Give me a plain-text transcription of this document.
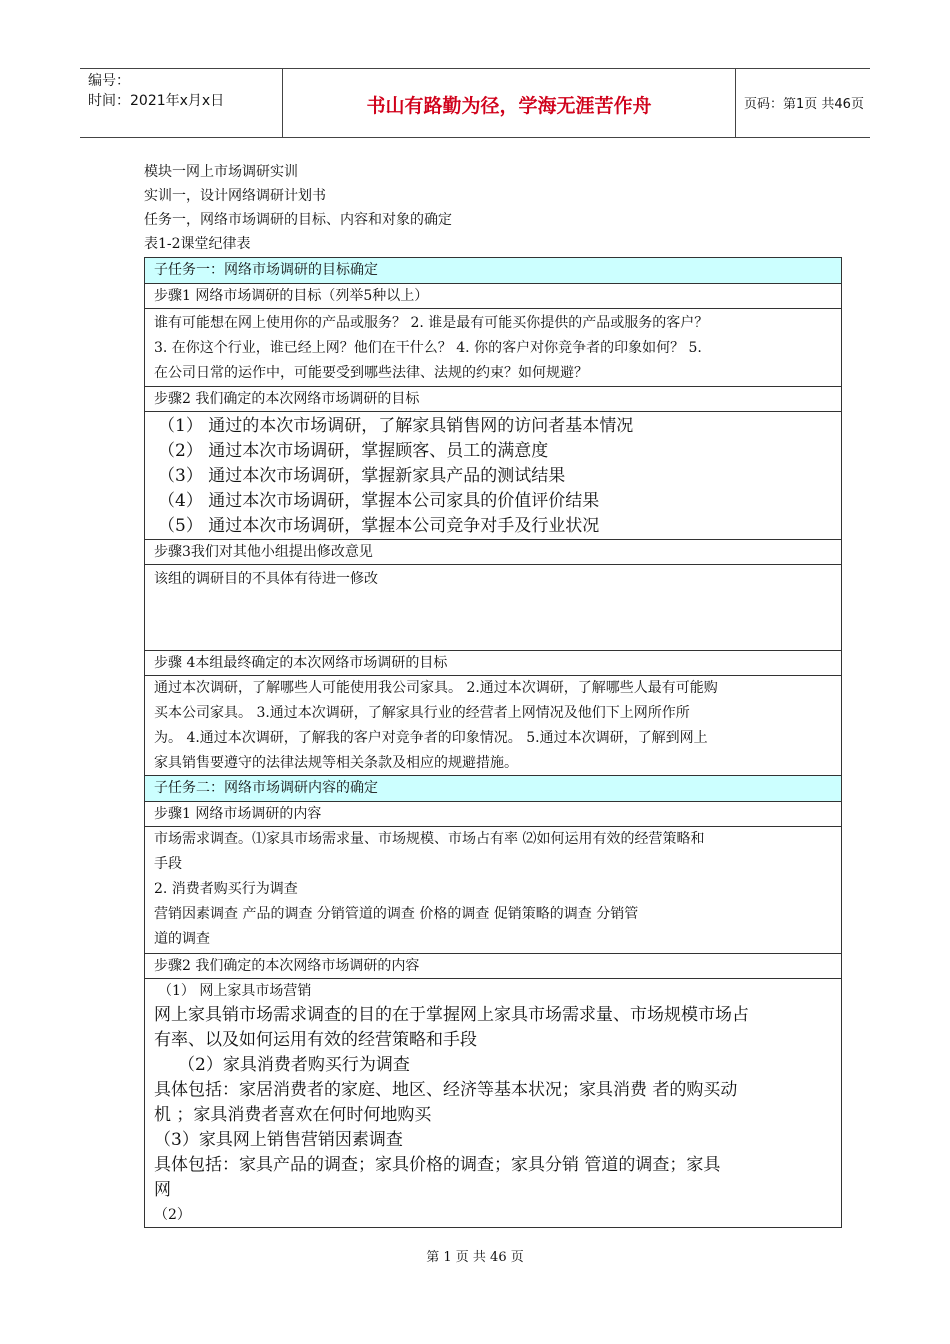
编号：
时间：2021年x月x日	书山有路勤为径，学海无涯苦作舟	页码：第1页 共46页
模块一网上市场调研实训
实训一，设计网络调研计划书
任务一，网络市场调研的目标、内容和对象的确定
表1-2课堂纪律表
子任务一：网络市场调研的目标确定
步骤1 网络市场调研的目标（列举5种以上）
谁有可能想在网上使用你的产品或服务？ 2. 谁是最有可能买你提供的产品或服务的客户？
3. 在你这个行业，谁已经上网？他们在干什么？ 4. 你的客户对你竞争者的印象如何？ 5.
在公司日常的运作中，可能要受到哪些法律、法规的约束？如何规避？
步骤2 我们确定的本次网络市场调研的目标
（1） 通过的本次市场调研，了解家具销售网的访问者基本情况
（2） 通过本次市场调研，掌握顾客、员工的满意度
（3） 通过本次市场调研，掌握新家具产品的测试结果
（4） 通过本次市场调研，掌握本公司家具的价值评价结果
（5） 通过本次市场调研，掌握本公司竞争对手及行业状况
步骤3我们对其他小组提出修改意见
该组的调研目的不具体有待进一修改
步骤 4本组最终确定的本次网络市场调研的目标
通过本次调研，了解哪些人可能使用我公司家具。 2.通过本次调研，了解哪些人最有可能购
买本公司家具。 3.通过本次调研，了解家具行业的经营者上网情况及他们下上网所作所
为。 4.通过本次调研，了解我的客户对竞争者的印象情况。 5.通过本次调研，了解到网上
家具销售要遵守的法律法规等相关条款及相应的规避措施。
子任务二：网络市场调研内容的确定
步骤1 网络市场调研的内容
市场需求调查。⑴家具市场需求量、市场规模、市场占有率 ⑵如何运用有效的经营策略和
手段
2. 消费者购买行为调查
营销因素调查 产品的调查 分销管道的调查 价格的调查 促销策略的调查 分销管
道的调查
步骤2 我们确定的本次网络市场调研的内容
（1） 网上家具市场营销
网上家具销市场需求调查的目的在于掌握网上家具市场需求量、市场规模市场占
有率、以及如何运用有效的经营策略和手段
（2）家具消费者购买行为调查
具体包括：家居消费者的家庭、地区、经济等基本状况；家具消费 者的购买动
机 ；家具消费者喜欢在何时何地购买
（3）家具网上销售营销因素调查
具体包括：家具产品的调查；家具价格的调查；家具分销 管道的调查；家具
网
（2）
第 1 页 共 46 页
